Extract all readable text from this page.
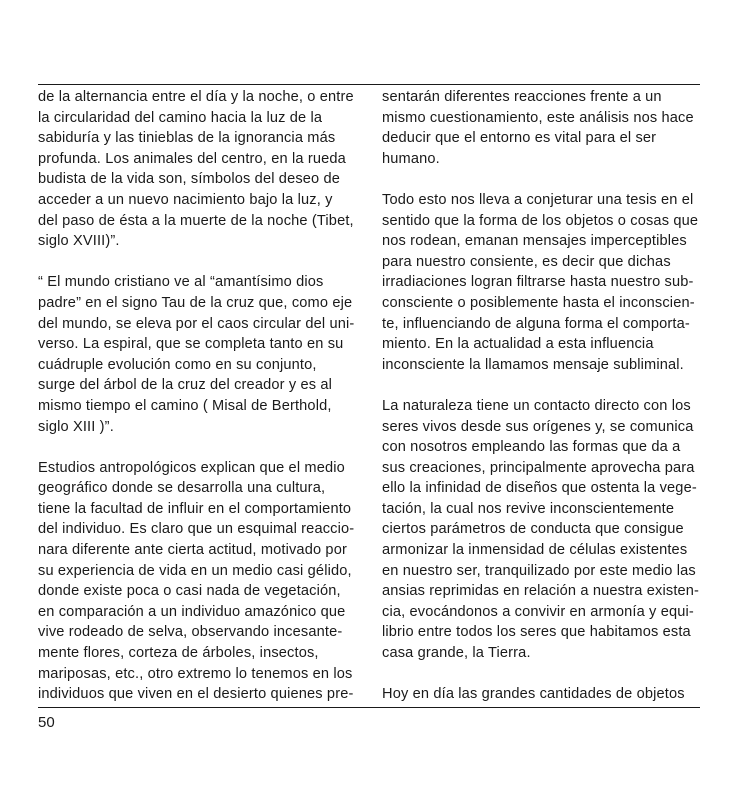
de la alternancia entre el día y la noche, o entre
la circularidad del camino hacia la luz de la
sabiduría y las tinieblas de la ignorancia más
profunda. Los animales del centro, en la rueda
budista de la vida son, símbolos del deseo de
acceder a un nuevo nacimiento bajo la luz, y
del paso de ésta a la muerte de la noche (Tibet,
siglo XVIII)”.
“ El mundo cristiano ve al “amantísimo dios
padre” en el signo Tau de la cruz que, como eje
del mundo, se eleva por el caos circular del uni-
verso. La espiral, que se completa tanto en su
cuádruple evolución como en su conjunto,
surge del árbol de la cruz del creador y es al
mismo tiempo el camino ( Misal de Berthold,
siglo XIII )”.
Estudios antropológicos explican que el medio
geográfico donde se desarrolla una cultura,
tiene la facultad de influir en el comportamiento
del individuo. Es claro que un esquimal reaccio-
nara diferente ante cierta actitud, motivado por
su experiencia de vida en un medio casi gélido,
donde existe poca o casi nada de vegetación,
en comparación a un individuo amazónico que
vive rodeado de selva, observando incesante-
mente flores, corteza de árboles, insectos,
mariposas, etc., otro extremo lo tenemos en los
individuos que viven en el desierto quienes pre-
sentarán diferentes reacciones frente a un
mismo cuestionamiento, este análisis nos hace
deducir que el entorno es vital para el ser
humano.
Todo esto nos lleva a conjeturar una tesis en el
sentido que la forma de los objetos o cosas que
nos rodean, emanan mensajes imperceptibles
para nuestro consiente, es decir que dichas
irradiaciones logran filtrarse hasta nuestro sub-
consciente o posiblemente hasta el inconscien-
te, influenciando de alguna forma el comporta-
miento. En la actualidad a esta influencia
inconsciente la llamamos mensaje subliminal.
La naturaleza tiene un contacto directo con los
seres vivos desde sus orígenes y, se comunica
con nosotros empleando las formas que da a
sus creaciones, principalmente aprovecha para
ello la infinidad de diseños que ostenta la vege-
tación, la cual nos revive inconscientemente
ciertos parámetros de conducta que consigue
armonizar la inmensidad de células existentes
en nuestro ser, tranquilizado por este medio las
ansias reprimidas en relación a nuestra existen-
cia, evocándonos a convivir en armonía y equi-
librio entre todos los seres que habitamos esta
casa grande, la Tierra.
Hoy en día las grandes cantidades de objetos
50
